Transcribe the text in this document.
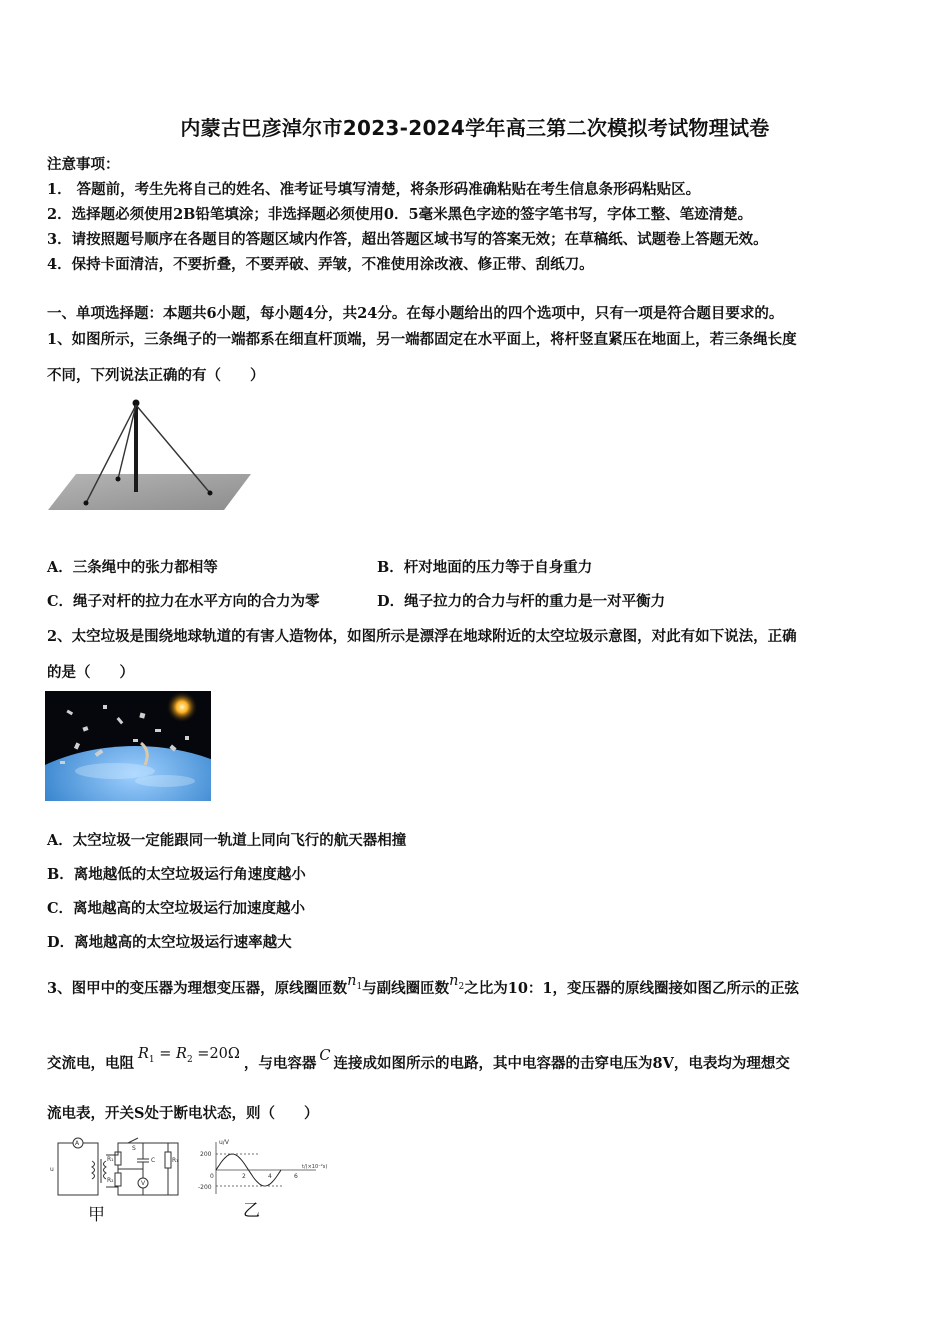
内蒙古巴彦淖尔市2023-2024学年高三第二次模拟考试物理试卷
注意事项：
1． 答题前，考生先将自己的姓名、准考证号填写清楚，将条形码准确粘贴在考生信息条形码粘贴区。
2．选择题必须使用2B铅笔填涂；非选择题必须使用0．5毫米黑色字迹的签字笔书写，字体工整、笔迹清楚。
3．请按照题号顺序在各题目的答题区域内作答，超出答题区域书写的答案无效；在草稿纸、试题卷上答题无效。
4．保持卡面清洁，不要折叠，不要弄破、弄皱，不准使用涂改液、修正带、刮纸刀。
一、单项选择题：本题共6小题，每小题4分，共24分。在每小题给出的四个选项中，只有一项是符合题目要求的。
1、如图所示，三条绳子的一端都系在细直杆顶端，另一端都固定在水平面上，将杆竖直紧压在地面上，若三条绳长度
不同，下列说法正确的有（　　）
A．三条绳中的张力都相等	B．杆对地面的压力等于自身重力
C．绳子对杆的拉力在水平方向的合力为零	D．绳子拉力的合力与杆的重力是一对平衡力
2、太空垃圾是围绕地球轨道的有害人造物体，如图所示是漂浮在地球附近的太空垃圾示意图，对此有如下说法，正确
的是（　　）
A．太空垃圾一定能跟同一轨道上同向飞行的航天器相撞
B．离地越低的太空垃圾运行角速度越小
C．离地越高的太空垃圾运行加速度越小
D．离地越高的太空垃圾运行速率越大
3、图甲中的变压器为理想变压器，原线圈匝数$n_1$与副线圈匝数$n_2$之比为10：1，变压器的原线圈接如图乙所示的正弦
交流电，电阻$R_1 = R_2 =20\Omega$，与电容器 C 连接成如图所示的电路，其中电容器的击穿电压为8V，电表均为理想交
流电表，开关S处于断电状态，则（　　）
A
V
u
S
R₁
R₂
C	R₁
甲
u/V
200
-200
0	2	4	6
t/(×10⁻²s)
乙
